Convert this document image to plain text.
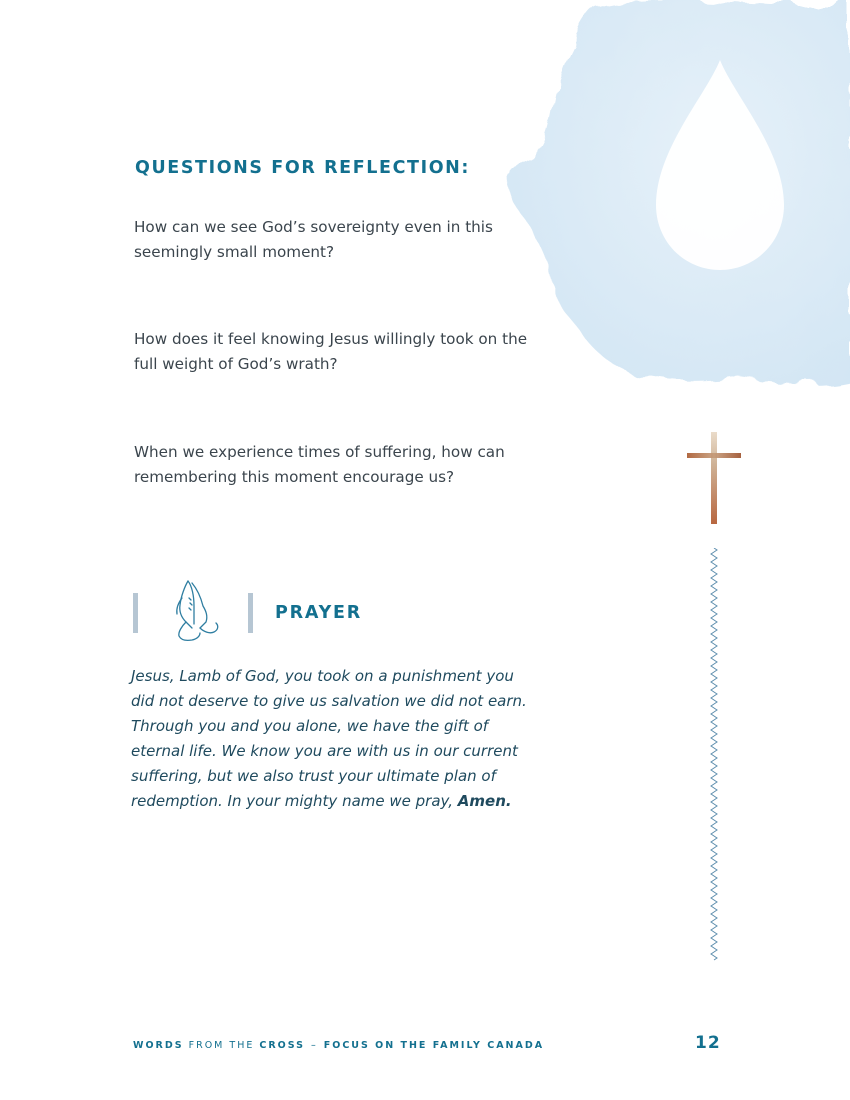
QUESTIONS FOR REFLECTION:

How can we see God’s sovereignty even in this seemingly small moment?

How does it feel knowing Jesus willingly took on the full weight of God’s wrath?

When we experience times of suffering, how can remembering this moment encourage us?

PRAYER

Jesus, Lamb of God, you took on a punishment you did not deserve to give us salvation we did not earn. Through you and you alone, we have the gift of eternal life. We know you are with us in our current suffering, but we also trust your ultimate plan of redemption. In your mighty name we pray, Amen.

WORDS FROM THE CROSS – FOCUS ON THE FAMILY CANADA	12
